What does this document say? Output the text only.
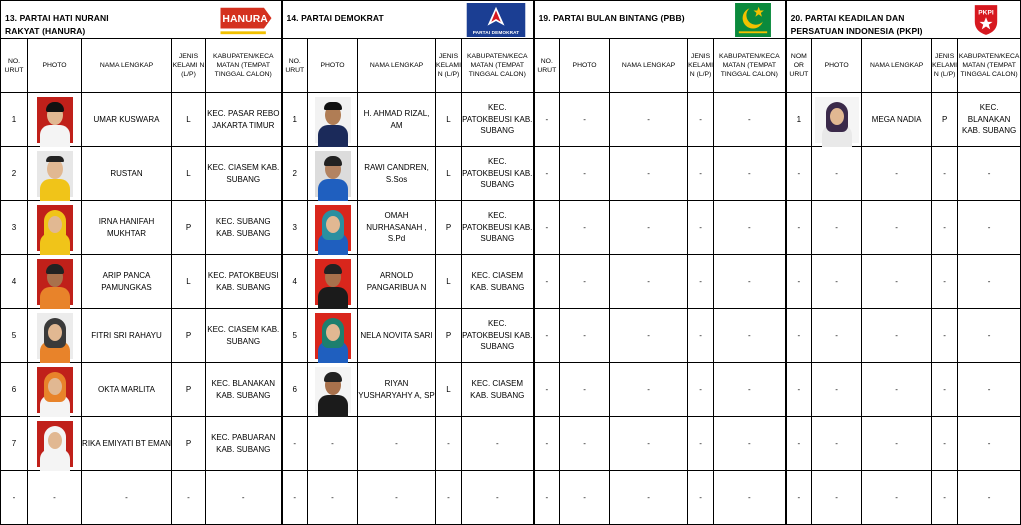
13. PARTAI HATI NURANI
RAKYAT (HANURA)
HANURA					14. PARTAI DEMOKRAT
PARTAI DEMOKRAT					19. PARTAI BULAN BINTANG (PBB)					20. PARTAI KEADILAN DAN
PERSATUAN INDONESIA (PKPI)
PKPI				

NO. URUT	PHOTO	NAMA LENGKAP	JENIS KELAMI N (L/P)	KABUPATEN/KECA MATAN (TEMPAT TINGGAL CALON)	NO. URUT	PHOTO	NAMA LENGKAP	JENIS KELAMI N (L/P)	KABUPATEN/KECA MATAN (TEMPAT TINGGAL CALON)	NO. URUT	PHOTO	NAMA LENGKAP	JENIS KELAMI N (L/P)	KABUPATEN/KECA MATAN (TEMPAT TINGGAL CALON)	NOM OR URUT	PHOTO	NAMA LENGKAP	JENIS KELAMI N (L/P)	KABUPATEN/KECA MATAN (TEMPAT TINGGAL CALON)
1		UMAR KUSWARA	L	KEC. PASAR REBO JAKARTA TIMUR	1		H. AHMAD RIZAL, AM	L	KEC. PATOKBEUSI KAB. SUBANG	-	-	-	-	-	1		MEGA NADIA	P	KEC. BLANAKAN KAB. SUBANG
2		RUSTAN	L	KEC. CIASEM KAB. SUBANG	2		RAWI CANDREN, S.Sos	L	KEC. PATOKBEUSI KAB. SUBANG	-	-	-	-	-	-	-	-	-	-
3		IRNA HANIFAH MUKHTAR	P	KEC. SUBANG KAB. SUBANG	3		OMAH NURHASANAH , S.Pd	P	KEC. PATOKBEUSI KAB. SUBANG	-	-	-	-	-	-	-	-	-	-
4		ARIP PANCA PAMUNGKAS	L	KEC. PATOKBEUSI KAB. SUBANG	4		ARNOLD PANGARIBUA N	L	KEC. CIASEM KAB. SUBANG	-	-	-	-	-	-	-	-	-	-
5		FITRI SRI RAHAYU	P	KEC. CIASEM KAB. SUBANG	5		NELA NOVITA SARI	P	KEC. PATOKBEUSI KAB. SUBANG	-	-	-	-	-	-	-	-	-	-
6		OKTA MARLITA	P	KEC. BLANAKAN KAB. SUBANG	6		RIYAN YUSHARYAHY A, SP	L	KEC. CIASEM KAB. SUBANG	-	-	-	-	-	-	-	-	-	-
7		RIKA EMIYATI BT EMAN	P	KEC. PABUARAN KAB. SUBANG	-	-	-	-	-	-	-	-	-	-	-	-	-	-	-
-	-	-	-	-	-	-	-	-	-	-	-	-	-	-	-	-	-	-	-
